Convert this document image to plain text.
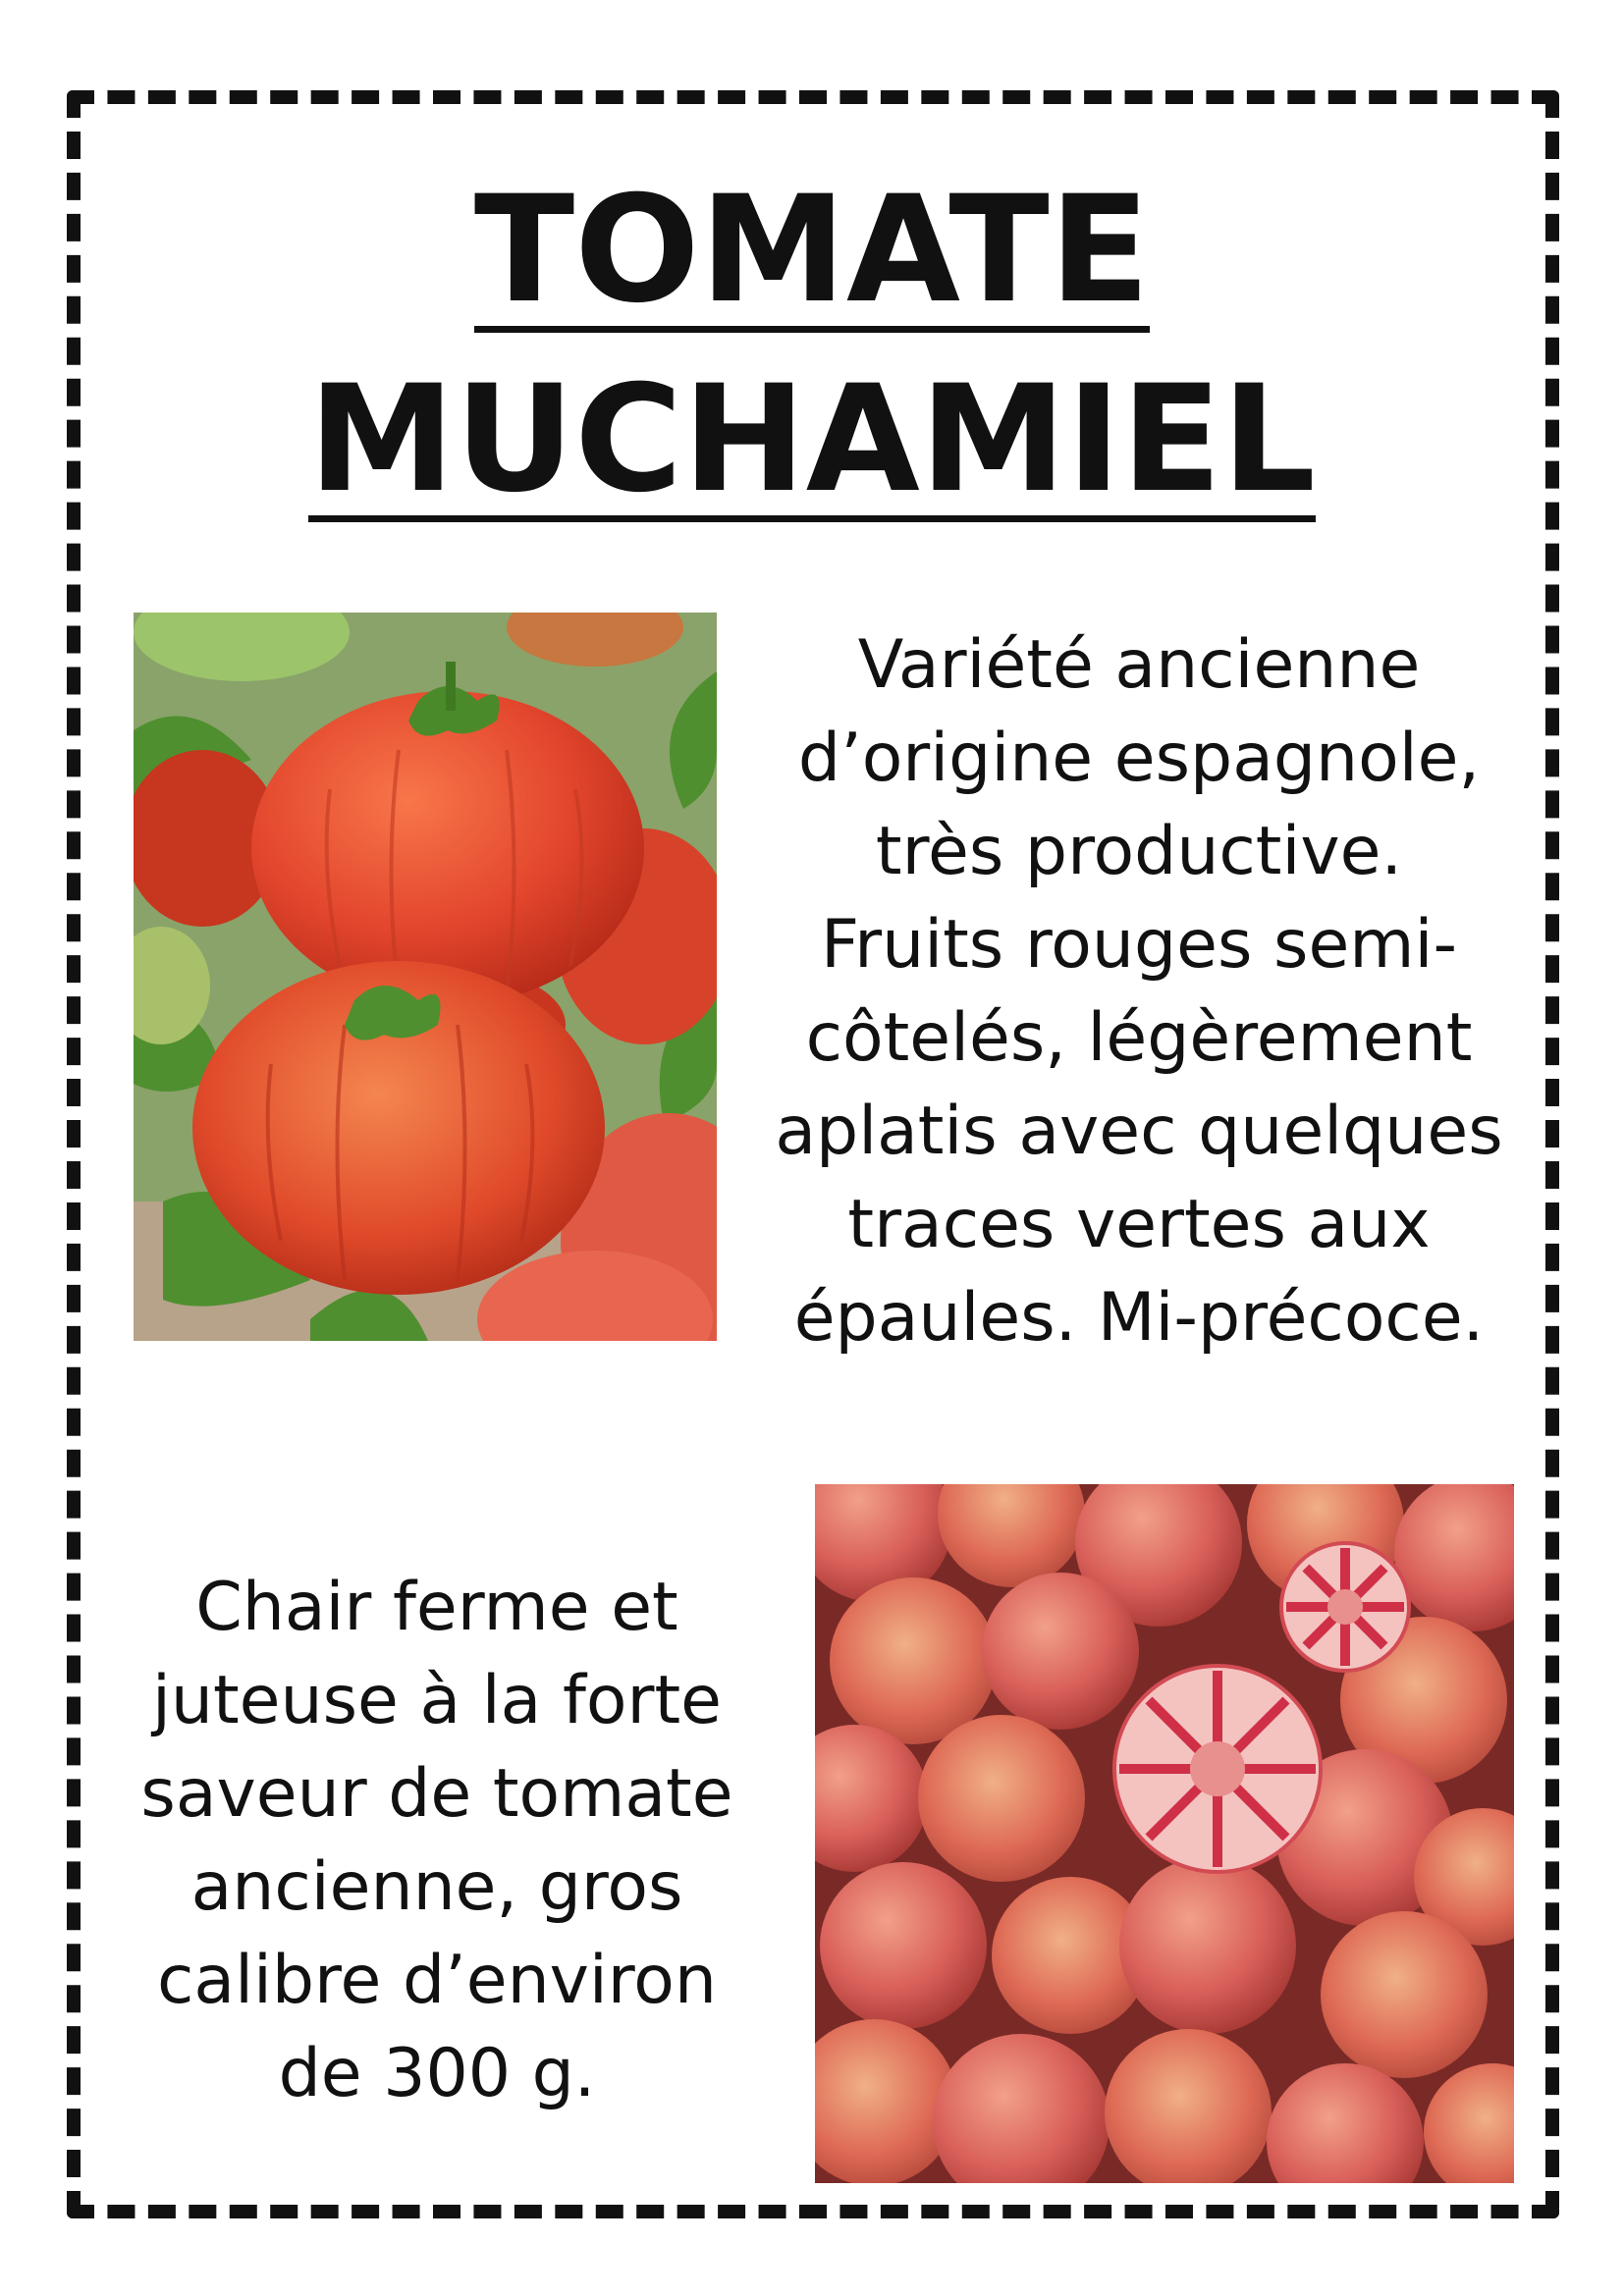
TOMATE
MUCHAMIEL

Variété ancienne
d’origine espagnole,
très productive.
Fruits rouges semi-
côtelés, légèrement
aplatis avec quelques
traces vertes aux
épaules. Mi-précoce.

Chair ferme et
juteuse à la forte
saveur de tomate
ancienne, gros
calibre d’environ
de 300 g.
